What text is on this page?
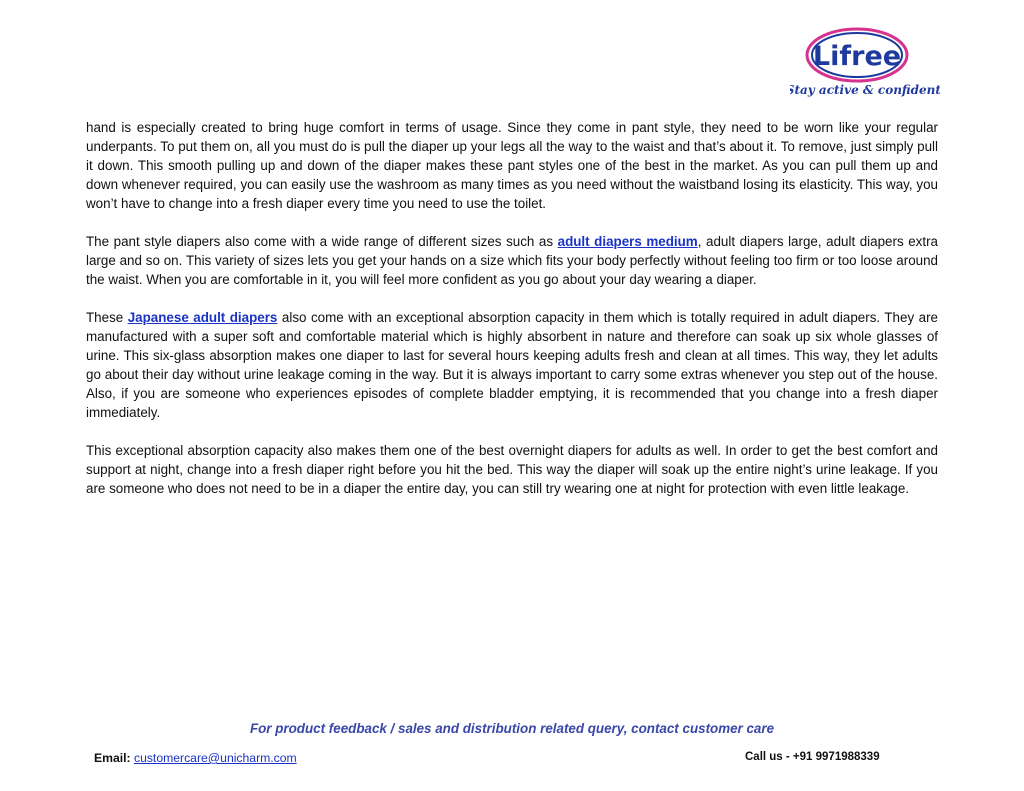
Lifree
Stay active & confident!

hand is especially created to bring huge comfort in terms of usage. Since they come in pant style, they need to be worn like your regular underpants. To put them on, all you must do is pull the diaper up your legs all the way to the waist and that’s about it. To remove, just simply pull it down. This smooth pulling up and down of the diaper makes these pant styles one of the best in the market. As you can pull them up and down whenever required, you can easily use the washroom as many times as you need without the waistband losing its elasticity. This way, you won’t have to change into a fresh diaper every time you need to use the toilet.

The pant style diapers also come with a wide range of different sizes such as adult diapers medium, adult diapers large, adult diapers extra large and so on. This variety of sizes lets you get your hands on a size which fits your body perfectly without feeling too firm or too loose around the waist. When you are comfortable in it, you will feel more confident as you go about your day wearing a diaper.

These Japanese adult diapers also come with an exceptional absorption capacity in them which is totally required in adult diapers. They are manufactured with a super soft and comfortable material which is highly absorbent in nature and therefore can soak up six whole glasses of urine. This six-glass absorption makes one diaper to last for several hours keeping adults fresh and clean at all times. This way, they let adults go about their day without urine leakage coming in the way. But it is always important to carry some extras whenever you step out of the house. Also, if you are someone who experiences episodes of complete bladder emptying, it is recommended that you change into a fresh diaper immediately.

This exceptional absorption capacity also makes them one of the best overnight diapers for adults as well. In order to get the best comfort and support at night, change into a fresh diaper right before you hit the bed. This way the diaper will soak up the entire night’s urine leakage. If you are someone who does not need to be in a diaper the entire day, you can still try wearing one at night for protection with even little leakage.

For product feedback / sales and distribution related query, contact customer care
Email: customercare@unicharm.com	Call us - +91 9971988339
